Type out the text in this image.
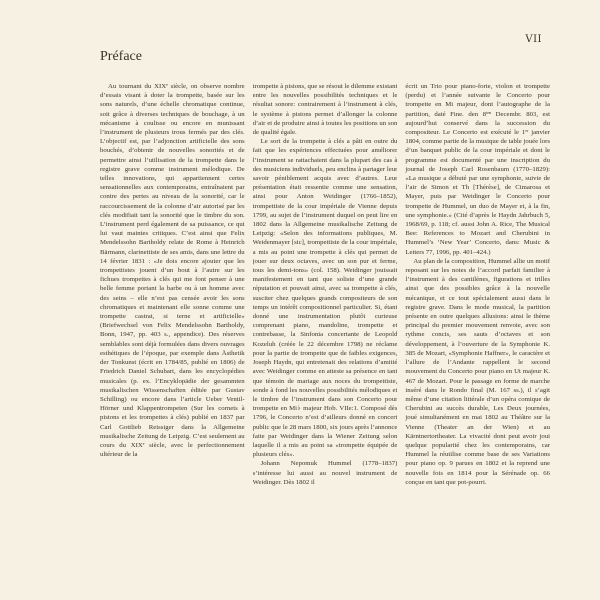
VII
Préface

Au tournant du XIXᵉ siècle, on observe nombre d’essais visant à doter la trompette, basée sur les sons naturels, d’une échelle chromatique continue, soit grâce à diverses techniques de bouchage, à un mécanisme à coulisse ou encore en munissant l’instrument de plusieurs trous fermés par des clés. L’objectif est, par l’adjonction artificielle des sons bouchés, d’obtenir de nouvelles sonorités et de permettre ainsi l’utilisation de la trompette dans le registre grave comme instrument mélodique. De telles innovations, qui appartiennent certes sensationnelles aux contemporains, entraînaient par contre des pertes au niveau de la sonorité, car le raccourcissement de la colonne d’air autorisé par les clés modifiait tant la sonorité que le timbre du son. L’instrument perd également de sa puissance, ce qui lui vaut maintes critiques. C’est ainsi que Felix Mendelssohn Bartholdy relate de Rome à Heinrich Bärmann, clarinettiste de ses amis, dans une lettre du 14 février 1831 : «Je dois encore ajouter que les trompettistes jouent d’un bout à l’autre sur les fichues trompettes à clés qui me font penser à une belle femme portant la barbe ou à un homme avec des seins – elle n’est pas censée avoir les sons chromatiques et maintenant elle sonne comme une trompette castrat, si terne et artificielle» (Briefwechsel von Felix Mendelssohn Bartholdy, Bonn, 1947, pp. 403 s., appendice). Des réserves semblables sont déjà formulées dans divers ouvrages esthétiques de l’époque, par exemple dans Ästhetik der Tonkunst (écrit en 1784/85, publié en 1806) de Friedrich Daniel Schubart, dans les encyclopédies musicales (p. ex. l’Encyklopädie der gesammten musikalischen Wissenschaften éditée par Gustav Schilling) ou encore dans l’article Ueber Ventil-Hörner und Klappentrompeten (Sur les cornets à pistons et les trompettes à clés) publié en 1837 par Carl Gottlieb Reissiger dans la Allgemeine musikalische Zeitung de Leipzig. C’est seulement au cours du XIXᵉ siècle, avec le perfectionnement ultérieur de la

trompette à pistons, que se résout le dilemme existant entre les nouvelles possibilités techniques et le résultat sonore: contrairement à l’instrument à clés, le système à pistons permet d’allonger la colonne d’air et de produire ainsi à toutes les positions un son de qualité égale.

Le sort de la trompette à clés a pâti en outre du fait que les expériences effectuées pour améliorer l’instrument se rattachaient dans la plupart des cas à des musiciens individuels, peu enclins à partager leur savoir péniblement acquis avec d’autres. Leur présentation était ressentie comme une sensation, ainsi pour Anton Weidinger (1766–1852), trompettiste de la cour impériale de Vienne depuis 1799, au sujet de l’instrument duquel on peut lire en 1802 dans la Allgemeine musikalische Zeitung de Leipzig: «Selon des informations publiques, M. Weidenmayer [sic], trompettiste de la cour impériale, a mis au point une trompette à clés qui permet de jouer sur deux octaves, avec un son pur et ferme, tous les demi-tons» (col. 158). Weidinger jouissait manifestement en tant que soliste d’une grande réputation et pouvait ainsi, avec sa trompette à clés, susciter chez quelques grands compositeurs de son temps un intérêt compositionnel particulier. Si, étant donné une instrumentation plutôt curieuse comprenant piano, mandoline, trompette et contrebasse, la Sinfonia concertante de Leopold Kozeluh (créée le 22 décembre 1798) ne réclame pour la partie de trompette que de faibles exigences, Joseph Haydn, qui entretenait des relations d’amitié avec Weidinger comme en atteste sa présence en tant que témoin de mariage aux noces du trompettiste, sonde à fond les nouvelles possibilités mélodiques et le timbre de l’instrument dans son Concerto pour trompette en Mi♭ majeur Hob. VIIe:1. Composé dès 1796, le Concerto n’est d’ailleurs donné en concert public que le 28 mars 1800, six jours après l’annonce faite par Weidinger dans la Wiener Zeitung selon laquelle il a mis au point sa «trompette équipée de plusieurs clés».

Johann Nepomuk Hummel (1778–1837) s’intéresse lui aussi au nouvel instrument de Weidinger. Dès 1802 il

écrit un Trio pour piano-forte, violon et trompette (perdu) et l’année suivante le Concerto pour trompette en Mi majeur, dont l’autographe de la partition, daté Fine. den 8ᵗᵉⁿ Decembr. 803, est aujourd’hui conservé dans la succession du compositeur. Le Concerto est exécuté le 1ᵉʳ janvier 1804, comme partie de la musique de table jouée lors d’un banquet public de la cour impériale et dont le programme est documenté par une inscription du journal de Joseph Carl Rosenbaum (1770–1829): «La musique a débuté par une symphonie, suivie de l’air de Simon et Th [Thérèse], de Cimarosa et Mayer, puis par Weidinger le Concerto pour trompette de Hummel, un duo de Mayer et, à la fin, une symphonie.» (Cité d’après le Haydn Jahrbuch 5, 1968/69, p. 118; cf. aussi John A. Rice, The Musical Bee: References to Mozart and Cherubini in Hummel’s ‘New Year’ Concerto, dans: Music & Letters 77, 1996, pp. 401–424.)

Au plan de la composition, Hummel allie un motif reposant sur les notes de l’accord parfait familier à l’instrument à des cantilènes, figurations et trilles ainsi que des possibles grâce à la nouvelle mécanique, et ce tout spécialement aussi dans le registre grave. Dans le mode musical, la partition présente en outre quelques allusions: ainsi le thème principal du premier mouvement renvoie, avec son rythme concis, ses sauts d’octaves et son développement, à l’ouverture de la Symphonie K. 385 de Mozart, «Symphonie Haffner», le caractère et l’allure de l’Andante rappellent le second mouvement du Concerto pour piano en Ut majeur K. 467 de Mozart. Pour le passage en forme de marche inséré dans le Rondo final (M. 167 ss.), il s’agit même d’une citation littérale d’un opéra comique de Cherubini au succès durable, Les Deux journées, joué simultanément en mai 1802 au Théâtre sur la Vienne (Theater an der Wien) et au Kärntnertortheater. La vivacité dont peut avoir joui quelque popularité chez les contemporains, car Hummel la réutilise comme base de ses Variations pour piano op. 9 parues en 1802 et la reprend une nouvelle fois en 1814 pour la Sérénade op. 66 conçue en tant que pot-pourri.
